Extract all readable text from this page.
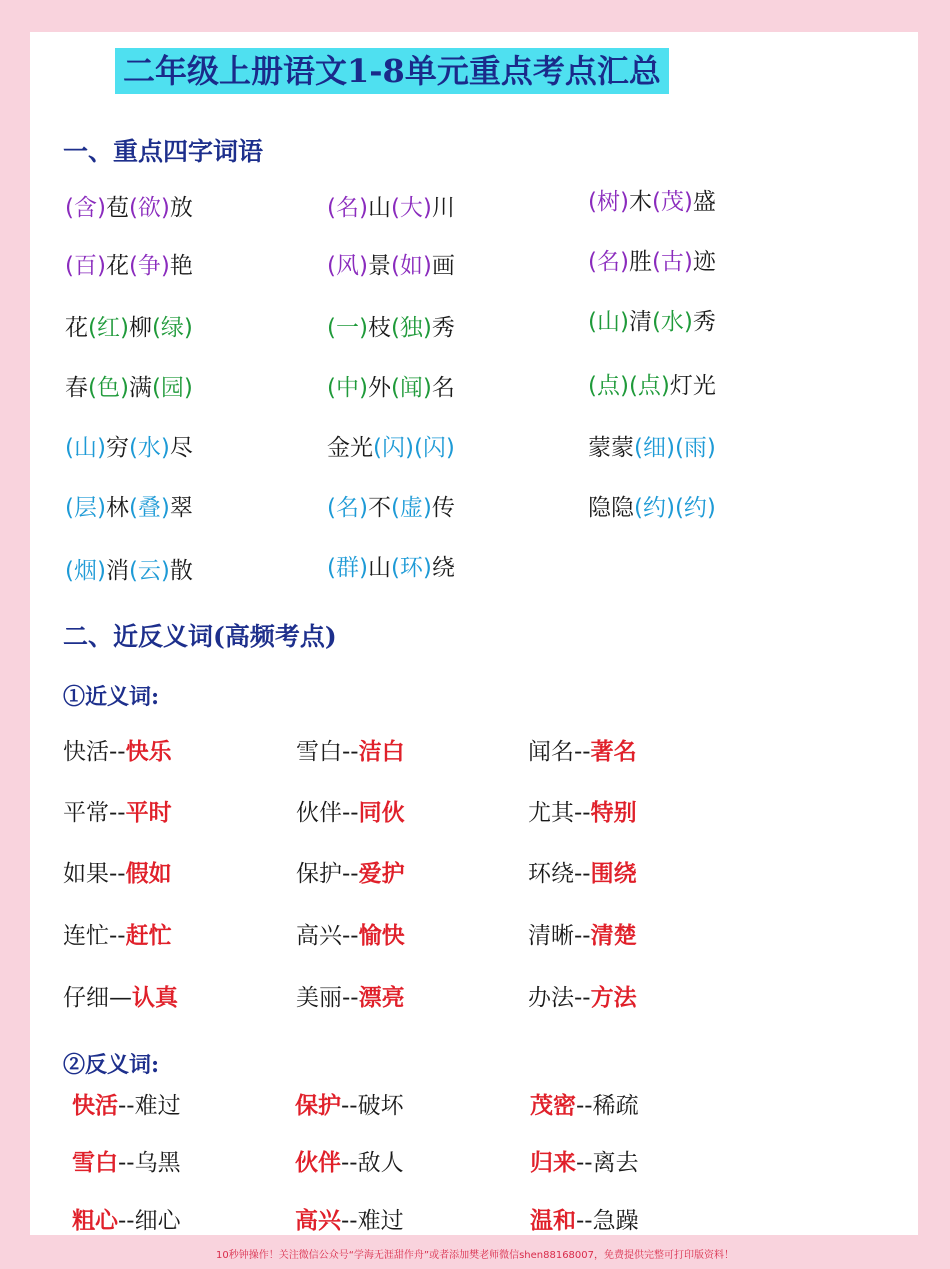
二年级上册语文1-8单元重点考点汇总
一、重点四字词语
(含)苞(欲)放
(百)花(争)艳
花(红)柳(绿)
春(色)满(园)
(山)穷(水)尽
(层)林(叠)翠
(烟)消(云)散
(名)山(大)川
(风)景(如)画
(一)枝(独)秀
(中)外(闻)名
金光(闪)(闪)
(名)不(虚)传
(群)山(环)绕
(树)木(茂)盛
(名)胜(古)迹
(山)清(水)秀
(点)(点)灯光
蒙蒙(细)(雨)
隐隐(约)(约)
二、近反义词(高频考点)
①近义词:
快活--快乐
平常--平时
如果--假如
连忙--赶忙
仔细—认真
雪白--洁白
伙伴--同伙
保护--爱护
高兴--愉快
美丽--漂亮
闻名--著名
尤其--特别
环绕--围绕
清晰--清楚
办法--方法
②反义词:
快活--难过
雪白--乌黑
粗心--细心
保护--破坏
伙伴--敌人
高兴--难过
茂密--稀疏
归来--离去
温和--急躁
10秒钟操作！关注微信公众号“学海无涯甜作舟”或者添加樊老师微信shen88168007，免费提供完整可打印版资料！
